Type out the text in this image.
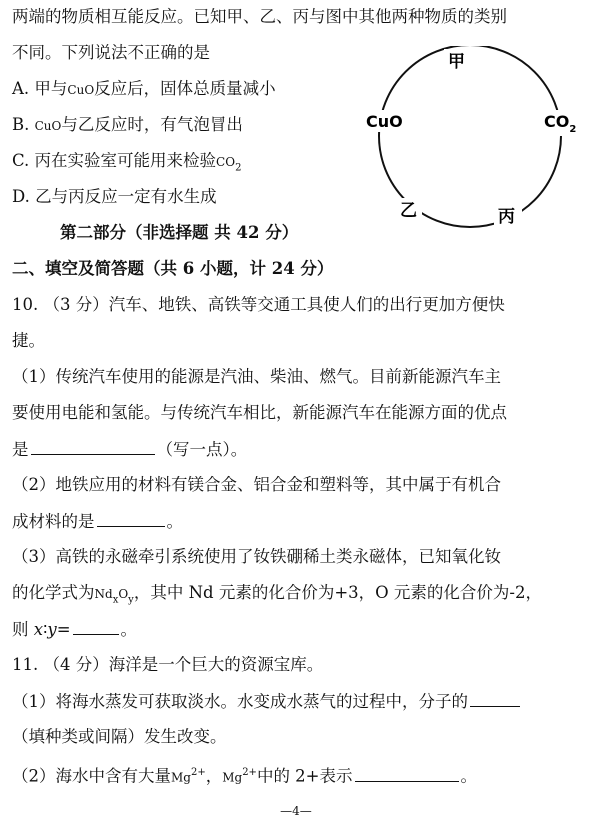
两端的物质相互能反应。已知甲、乙、丙与图中其他两种物质的类别
不同。下列说法不正确的是
A. 甲与CuO反应后，固体总质量减小
B. CuO与乙反应时，有气泡冒出
C. 丙在实验室可能用来检验$CO_2$
D. 乙与丙反应一定有水生成
甲
CuO	$CO_2$
乙	丙
第二部分（非选择题 共 42 分）
二、填空及简答题（共 6 小题，计 24 分）
10. （3 分）汽车、地铁、高铁等交通工具使人们的出行更加方便快
捷。
（1）传统汽车使用的能源是汽油、柴油、燃气。目前新能源汽车主
要使用电能和氢能。与传统汽车相比，新能源汽车在能源方面的优点
是	（写一点）。
（2）地铁应用的材料有镁合金、铝合金和塑料等，其中属于有机合
成材料的是	。
（3）高铁的永磁牵引系统使用了钕铁硼稀土类永磁体，已知氧化钕
的化学式为$Nd_xO_y$，其中 Nd 元素的化合价为+3，O 元素的化合价为-2，
则 x∶y=	。
11. （4 分）海洋是一个巨大的资源宝库。
（1）将海水蒸发可获取淡水。水变成水蒸气的过程中，分子的
（填种类或间隔）发生改变。
（2）海水中含有大量$Mg^{2+}$，$Mg^{2+}$中的 2+表示	。
—4—
